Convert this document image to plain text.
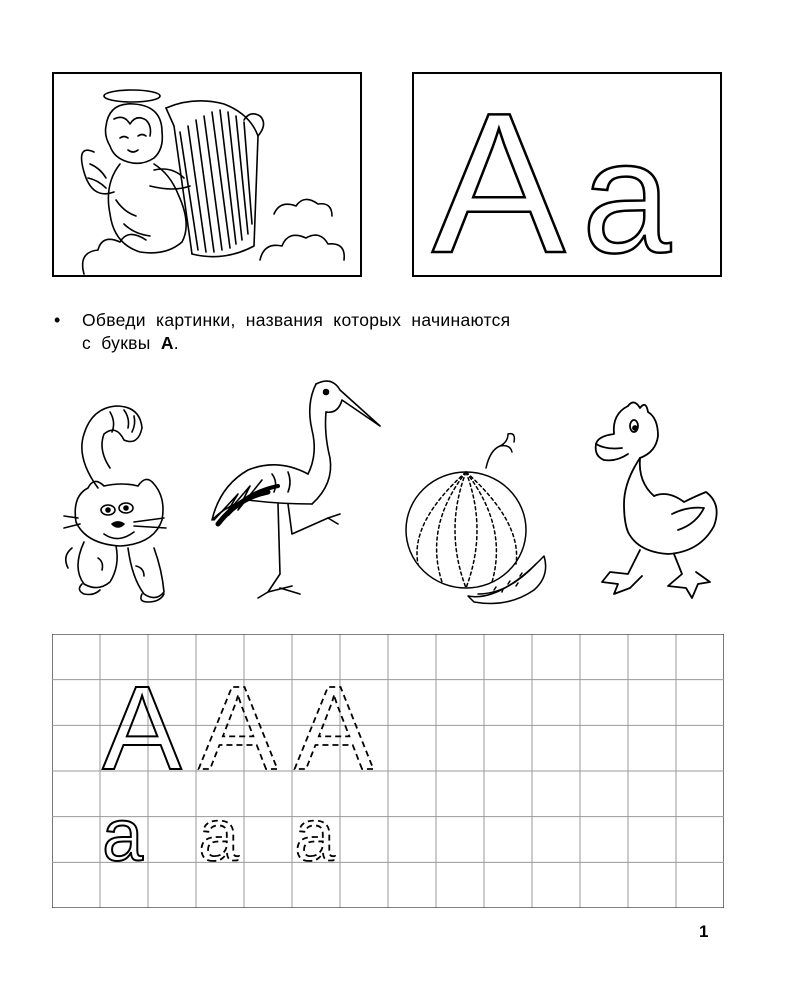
A a
•	Обведи картинки, названия которых начинаются
с буквы А.
A A A
a a a
1
